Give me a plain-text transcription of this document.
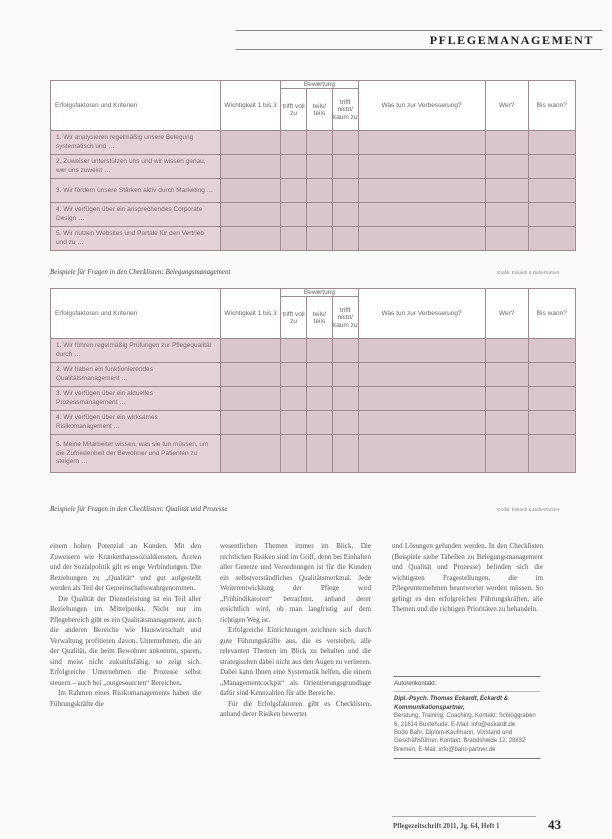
PFLEGEMANAGEMENT
Erfolgsfaktoren und Kriterien	Wichtigkeit 1 bis 3	Bewertung			Was tun zur Verbesserung?	Wer?	Bis wann?
		trifft voll zu	teils/ teils	trifft nicht/ kaum zu			
1. Wir analysieren regelmäßig unsere Belegung systematisch und …							
2. Zuweiser unterstützen uns und wir wissen genau, wer uns zuweist …							
3. Wir fördern unsere Stärken aktiv durch Marketing …							
4. Wir verfügen über ein ansprechendes Corporate Design …							
5. Wir nutzen Websites und Portale für den Vertrieb und zu …							
Beispiele für Fragen in den Checklisten: Belegungsmanagement	Grafik: Eckardt & Bahr-Partner
Erfolgsfaktoren und Kriterien	Wichtigkeit 1 bis 3	Bewertung			Was tun zur Verbesserung?	Wer?	Bis wann?
		trifft voll zu	teils/ teils	trifft nicht/ kaum zu			
1. Wir führen regelmäßig Prüfungen zur Pflegequalität durch …							
2. Wir haben ein funktionierendes Qualitätsmanagement …							
3. Wir verfügen über ein aktuelles Prozessmanagement …							
4. Wir verfügen über ein wirksames Risikomanagement …							
5. Meine Mitarbeiter wissen, was sie tun müssen, um die Zufriedenheit der Bewohner und Patienten zu steigern …							
Beispiele für Fragen in den Checklisten: Qualität und Prozesse	Grafik: Eckardt & Bahr-Partner

einem hohen Potenzial an Kunden. Mit den Zuweisern wie Krankenhaussozialdiensten, Ärzten und der Sozialpolitik gilt es enge Verbindungen. Die Beziehungen zu „Qualität“ und gut aufgestellt werden als Teil der Gemeinschaftswahrgenommen.

Die Qualität der Dienstleistung ist ein Teil aller Beziehungen im Mittelpunkt. Nicht nur im Pflegebereich gibt es ein Qualitätsmanagement, auch die anderen Bereiche wie Hauswirtschaft und Verwaltung profitieren davon. Unternehmen, die an der Qualität, die beim Bewohner ankommt, sparen, sind meist nicht zukunftsfähig, so zeigt sich. Erfolgreiche Unternehmen die Prozesse selbst steuern – auch bei „outgesourcten“ Bereichen.

Im Rahmen eines Risikomanagements haben die Führungskräfte die

wesentlichen Themen immer im Blick. Die rechtlichen Risiken sind im Griff, denn bei Einhalten aller Gesetze und Verordnungen ist für die Kunden ein selbstverständliches Qualitätsmerkmal. Jede Weiterentwicklung der Pflege wird „Frühindikatoren“ betrachtet, anhand derer ersichtlich wird, ob man langfristig auf dem richtigen Weg ist.

Erfolgreiche Einrichtungen zeichnen sich durch gute Führungskräfte aus, die es verstehen, alle relevanten Themen im Blick zu behalten und die strategischen dabei nicht aus den Augen zu verlieren. Dabei kann Ihnen eine Systematik helfen, die einem „Managementcockpit“ als Orientierungsgrundlage dafür sind Kennzahlen für alle Bereiche.

Für die Erfolgsfaktoren gibt es Checklisten, anhand derer Risiken bewertet

und Lösungen gefunden werden. In den Checklisten (Beispiele siehe Tabellen zu Belegungsmanagement und Qualität und Prozesse) befinden sich die wichtigsten Fragestellungen, die im Pflegeunternehmen beantwortet werden müssen. So gelingt es den erfolgreichen Führungskräften, alle Themen und die richtigen Prioritäten zu behandeln.

Autorenkontakt:
Dipl.-Psych. Thomas Eckardt, Eckardt & Kommunikationspartner,
Beratung, Training, Coaching. Kontakt: Schlüggraben 6, 21614 Buxtehude. E-Mail: info@eckardt.de
Bodo Bahr, Diplom-Kaufmann, Vorstand und Geschäftsführer. Kontakt: Brandsheide 12, 28832 Bremen, E-Mail: info@bahr-partner.de
Pflegezeitschrift 2011, Jg. 64, Heft 1	43
